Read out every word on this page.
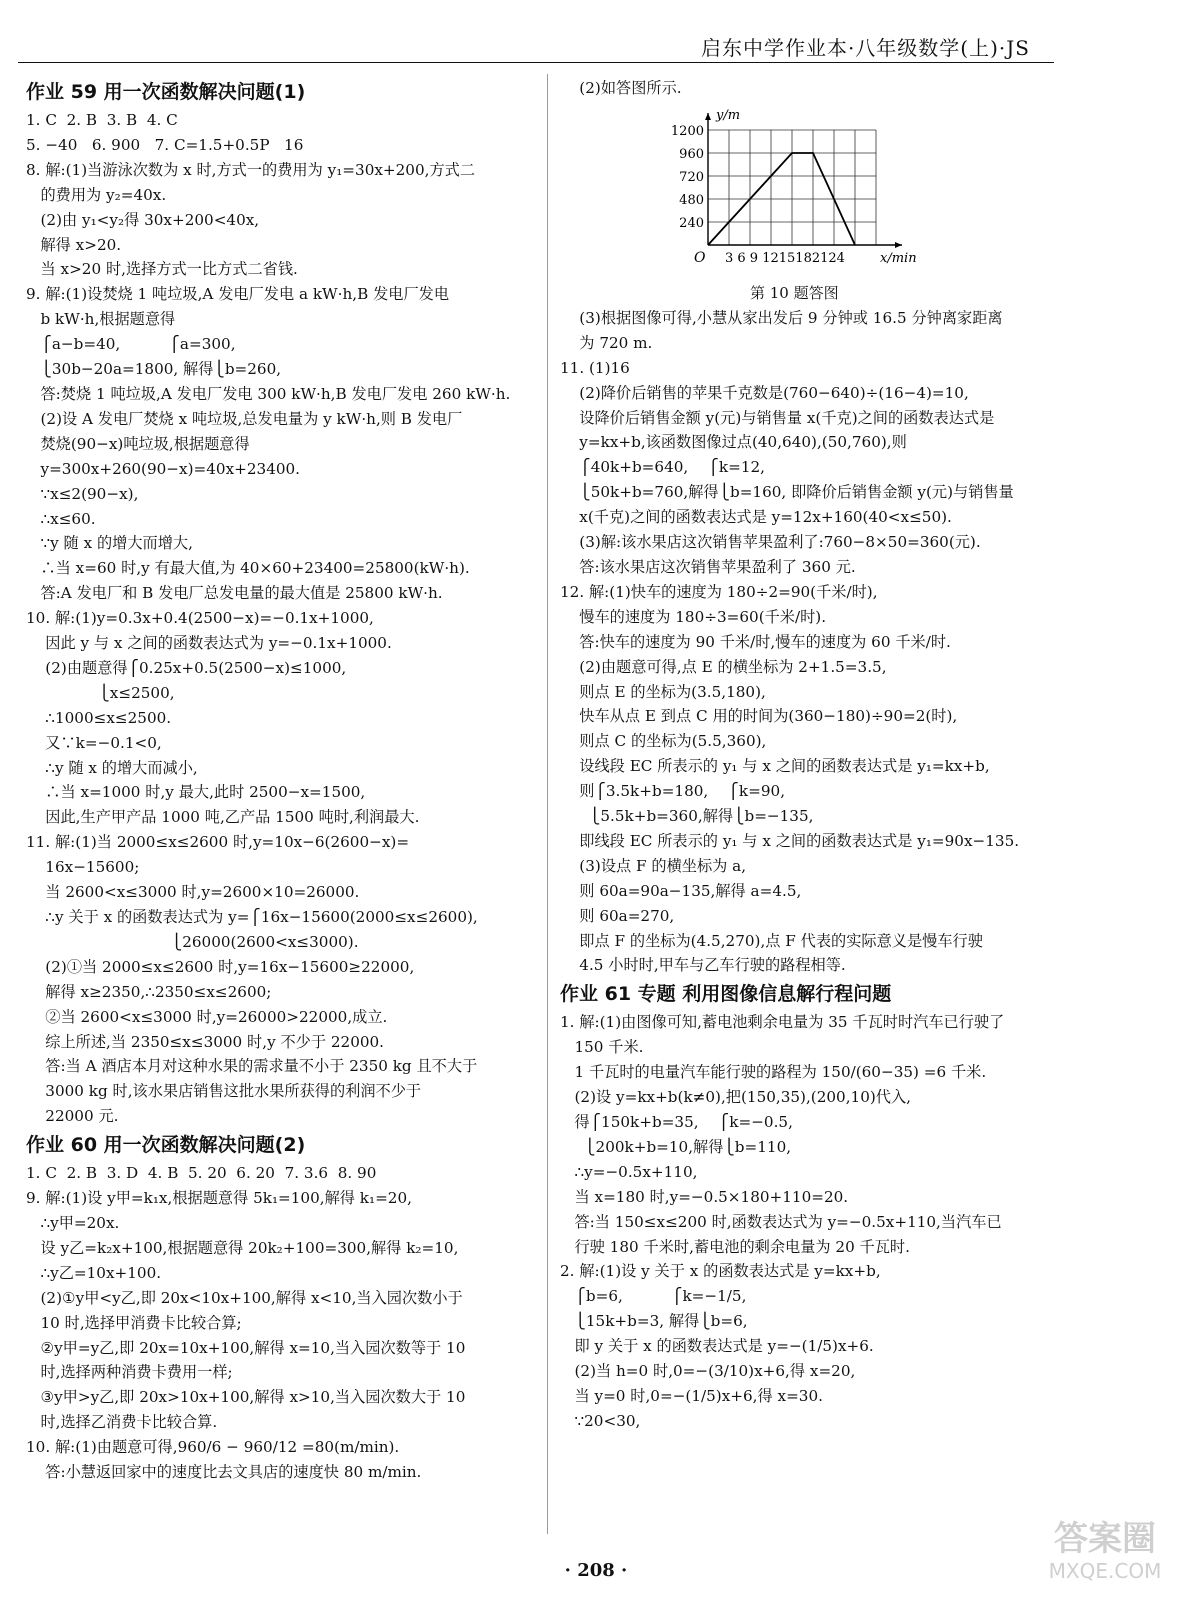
启东中学作业本·八年级数学(上)·JS
作业 59 用一次函数解决问题(1)
1. C  2. B  3. B  4. C
5. −40   6. 900   7. C=1.5+0.5P   16
8. 解:(1)当游泳次数为 x 时,方式一的费用为 y₁=30x+200,方式二
的费用为 y₂=40x.
(2)由 y₁<y₂得 30x+200<40x,
解得 x>20.
当 x>20 时,选择方式一比方式二省钱.
9. 解:(1)设焚烧 1 吨垃圾,A 发电厂发电 a kW·h,B 发电厂发电
b kW·h,根据题意得
⎧a−b=40,          ⎧a=300,
⎩30b−20a=1800, 解得⎩b=260,
答:焚烧 1 吨垃圾,A 发电厂发电 300 kW·h,B 发电厂发电 260 kW·h.
(2)设 A 发电厂焚烧 x 吨垃圾,总发电量为 y kW·h,则 B 发电厂
焚烧(90−x)吨垃圾,根据题意得
y=300x+260(90−x)=40x+23400.
∵x≤2(90−x),
∴x≤60.
∵y 随 x 的增大而增大,
∴当 x=60 时,y 有最大值,为 40×60+23400=25800(kW·h).
答:A 发电厂和 B 发电厂总发电量的最大值是 25800 kW·h.
10. 解:(1)y=0.3x+0.4(2500−x)=−0.1x+1000,
因此 y 与 x 之间的函数表达式为 y=−0.1x+1000.
(2)由题意得⎧0.25x+0.5(2500−x)≤1000,
⎩x≤2500,
∴1000≤x≤2500.
又∵k=−0.1<0,
∴y 随 x 的增大而减小,
∴当 x=1000 时,y 最大,此时 2500−x=1500,
因此,生产甲产品 1000 吨,乙产品 1500 吨时,利润最大.
11. 解:(1)当 2000≤x≤2600 时,y=10x−6(2600−x)=
16x−15600;
当 2600<x≤3000 时,y=2600×10=26000.
∴y 关于 x 的函数表达式为 y=⎧16x−15600(2000≤x≤2600),
⎩26000(2600<x≤3000).
(2)①当 2000≤x≤2600 时,y=16x−15600≥22000,
解得 x≥2350,∴2350≤x≤2600;
②当 2600<x≤3000 时,y=26000>22000,成立.
综上所述,当 2350≤x≤3000 时,y 不少于 22000.
答:当 A 酒店本月对这种水果的需求量不小于 2350 kg 且不大于
3000 kg 时,该水果店销售这批水果所获得的利润不少于
22000 元.
作业 60 用一次函数解决问题(2)
1. C  2. B  3. D  4. B  5. 20  6. 20  7. 3.6  8. 90
9. 解:(1)设 y甲=k₁x,根据题意得 5k₁=100,解得 k₁=20,
∴y甲=20x.
设 y乙=k₂x+100,根据题意得 20k₂+100=300,解得 k₂=10,
∴y乙=10x+100.
(2)①y甲<y乙,即 20x<10x+100,解得 x<10,当入园次数小于
10 时,选择甲消费卡比较合算;
②y甲=y乙,即 20x=10x+100,解得 x=10,当入园次数等于 10
时,选择两种消费卡费用一样;
③y甲>y乙,即 20x>10x+100,解得 x>10,当入园次数大于 10
时,选择乙消费卡比较合算.
10. 解:(1)由题意可得,960/6 − 960/12 =80(m/min).
答:小慧返回家中的速度比去文具店的速度快 80 m/min.
(2)如答图所示.
1200
960
720
480
240
3 6 9 1215182124
O
y/m
x/min
第 10 题答图
(3)根据图像可得,小慧从家出发后 9 分钟或 16.5 分钟离家距离
为 720 m.
11. (1)16
(2)降价后销售的苹果千克数是(760−640)÷(16−4)=10,
设降价后销售金额 y(元)与销售量 x(千克)之间的函数表达式是
y=kx+b,该函数图像过点(40,640),(50,760),则
⎧40k+b=640,    ⎧k=12,
⎩50k+b=760,解得⎩b=160, 即降价后销售金额 y(元)与销售量
x(千克)之间的函数表达式是 y=12x+160(40<x≤50).
(3)解:该水果店这次销售苹果盈利了:760−8×50=360(元).
答:该水果店这次销售苹果盈利了 360 元.
12. 解:(1)快车的速度为 180÷2=90(千米/时),
慢车的速度为 180÷3=60(千米/时).
答:快车的速度为 90 千米/时,慢车的速度为 60 千米/时.
(2)由题意可得,点 E 的横坐标为 2+1.5=3.5,
则点 E 的坐标为(3.5,180),
快车从点 E 到点 C 用的时间为(360−180)÷90=2(时),
则点 C 的坐标为(5.5,360),
设线段 EC 所表示的 y₁ 与 x 之间的函数表达式是 y₁=kx+b,
则⎧3.5k+b=180,    ⎧k=90,
⎩5.5k+b=360,解得⎩b=−135,
即线段 EC 所表示的 y₁ 与 x 之间的函数表达式是 y₁=90x−135.
(3)设点 F 的横坐标为 a,
则 60a=90a−135,解得 a=4.5,
则 60a=270,
即点 F 的坐标为(4.5,270),点 F 代表的实际意义是慢车行驶
4.5 小时时,甲车与乙车行驶的路程相等.
作业 61 专题 利用图像信息解行程问题
1. 解:(1)由图像可知,蓄电池剩余电量为 35 千瓦时时汽车已行驶了
150 千米.
1 千瓦时的电量汽车能行驶的路程为 150/(60−35) =6 千米.
(2)设 y=kx+b(k≠0),把(150,35),(200,10)代入,
得⎧150k+b=35,    ⎧k=−0.5,
⎩200k+b=10,解得⎩b=110,
∴y=−0.5x+110,
当 x=180 时,y=−0.5×180+110=20.
答:当 150≤x≤200 时,函数表达式为 y=−0.5x+110,当汽车已
行驶 180 千米时,蓄电池的剩余电量为 20 千瓦时.
2. 解:(1)设 y 关于 x 的函数表达式是 y=kx+b,
⎧b=6,          ⎧k=−1/5,
⎩15k+b=3, 解得⎩b=6,
即 y 关于 x 的函数表达式是 y=−(1/5)x+6.
(2)当 h=0 时,0=−(3/10)x+6,得 x=20,
当 y=0 时,0=−(1/5)x+6,得 x=30.
∵20<30,
· 208 ·
答案圈
MXQE.COM
